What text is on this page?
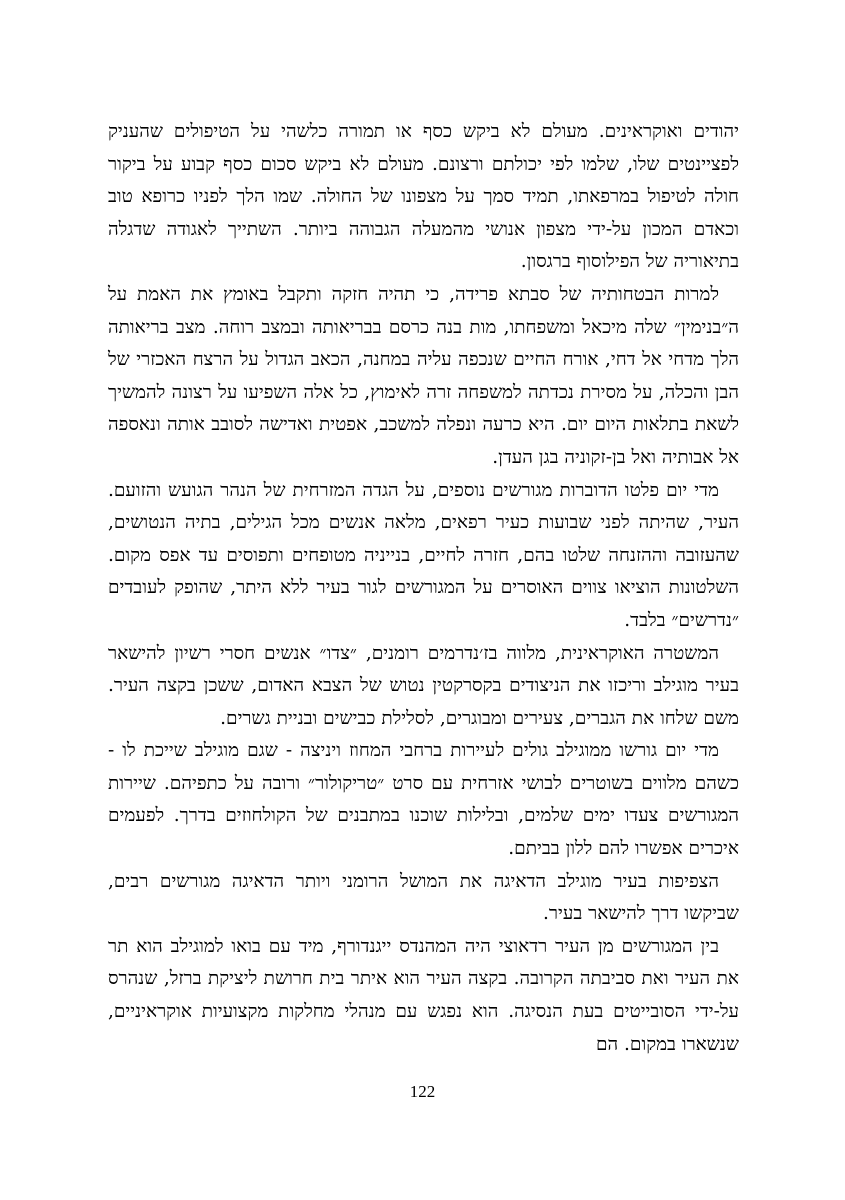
יהודים ואוקראינים. מעולם לא ביקש כסף או תמורה כלשהי על הטיפולים שהעניק לפציינטים שלו, שלמו לפי יכולתם ורצונם. מעולם לא ביקש סכום כסף קבוע על ביקור חולה לטיפול במרפאתו, תמיד סמך על מצפונו של החולה. שמו הלך לפניו כרופא טוב וכאדם המכון על-ידי מצפון אנושי מהמעלה הגבוהה ביותר. השתייך לאגודה שדגלה בתיאוריה של הפילוסוף ברגסון.

למרות הבטחותיה של סבתא פרידה, כי תהיה חזקה ותקבל באומץ את האמת על ה״בנימין״ שלה מיכאל ומשפחתו, מות בנה כרסם בבריאותה ובמצב רוחה. מצב בריאותה הלך מדחי אל דחי, אורח החיים שנכפה עליה במחנה, הכאב הגדול על הרצח האכזרי של הבן והכלה, על מסירת נכדתה למשפחה זרה לאימוץ, כל אלה השפיעו על רצונה להמשיך לשאת בתלאות היום יום. היא כרעה ונפלה למשכב, אפטית ואדישה לסובב אותה ונאספה אל אבותיה ואל בן-זקוניה בגן העדן.

מדי יום פלטו הדוברות מגורשים נוספים, על הגדה המזרחית של הנהר הגועש והזועם. העיר, שהיתה לפני שבועות כעיר רפאים, מלאה אנשים מכל הגילים, בתיה הנטושים, שהעזובה וההזנחה שלטו בהם, חזרה לחיים, בנייניה מטופחים ותפוסים עד אפס מקום. השלטונות הוציאו צווים האוסרים על המגורשים לגור בעיר ללא היתר, שהופק לעובדים ״נדרשים״ בלבד.

המשטרה האוקראינית, מלווה בז׳נדרמים רומנים, ״צדו״ אנשים חסרי רשיון להישאר בעיר מוגילב וריכזו את הניצודים בקסרקטין נטוש של הצבא האדום, ששכן בקצה העיר. משם שלחו את הגברים, צעירים ומבוגרים, לסלילת כבישים ובניית גשרים.

מדי יום גורשו ממוגילב גולים לעיירות ברחבי המחוז ויניצה - שגם מוגילב שייכת לו - כשהם מלווים בשוטרים לבושי אזרחית עם סרט ״טריקולור״ ורובה על כתפיהם. שיירות המגורשים צעדו ימים שלמים, ובלילות שוכנו במתבנים של הקולחוזים בדרך. לפעמים איכרים אפשרו להם ללון בביתם.

הצפיפות בעיר מוגילב הדאיגה את המושל הרומני ויותר הדאיגה מגורשים רבים, שביקשו דרך להישאר בעיר.

בין המגורשים מן העיר רדאוצי היה המהנדס ייגנדורף, מיד עם בואו למוגילב הוא תר את העיר ואת סביבתה הקרובה. בקצה העיר הוא איתר בית חרושת ליציקת ברזל, שנהרס על-ידי הסובייטים בעת הנסיגה. הוא נפגש עם מנהלי מחלקות מקצועיות אוקראיניים, שנשארו במקום. הם

122
